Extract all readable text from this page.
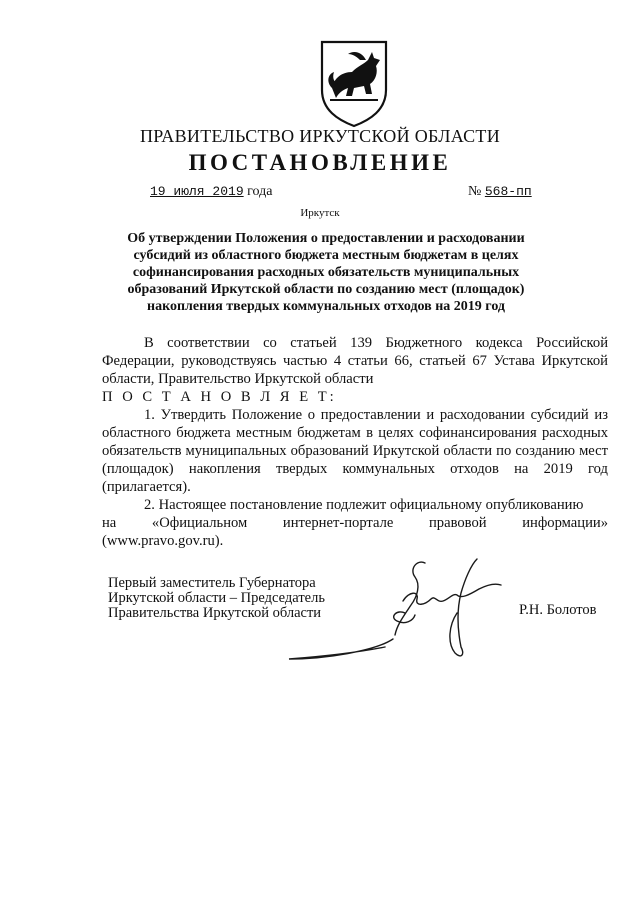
ПРАВИТЕЛЬСТВО ИРКУТСКОЙ ОБЛАСТИ
ПОСТАНОВЛЕНИЕ
19 июля 2019 года	№ 568-пп
Иркутск
Об утверждении Положения о предоставлении и расходовании субсидий из областного бюджета местным бюджетам в целях софинансирования расходных обязательств муниципальных образований Иркутской области по созданию мест (площадок) накопления твердых коммунальных отходов на 2019 год

В соответствии со статьей 139 Бюджетного кодекса Российской Федерации, руководствуясь частью 4 статьи 66, статьей 67 Устава Иркутской области, Правительство Иркутской области

П О С Т А Н О В Л Я Е Т:

1. Утвердить Положение о предоставлении и расходовании субсидий из областного бюджета местным бюджетам в целях софинансирования расходных обязательств муниципальных образований Иркутской области по созданию мест (площадок) накопления твердых коммунальных отходов на 2019 год (прилагается).

2. Настоящее постановление подлежит официальному опубликованию

на «Официальном интернет-портале правовой информации»

(www.pravo.gov.ru).

Первый заместитель Губернатора
Иркутской области – Председатель
Правительства Иркутской области	Р.Н. Болотов
